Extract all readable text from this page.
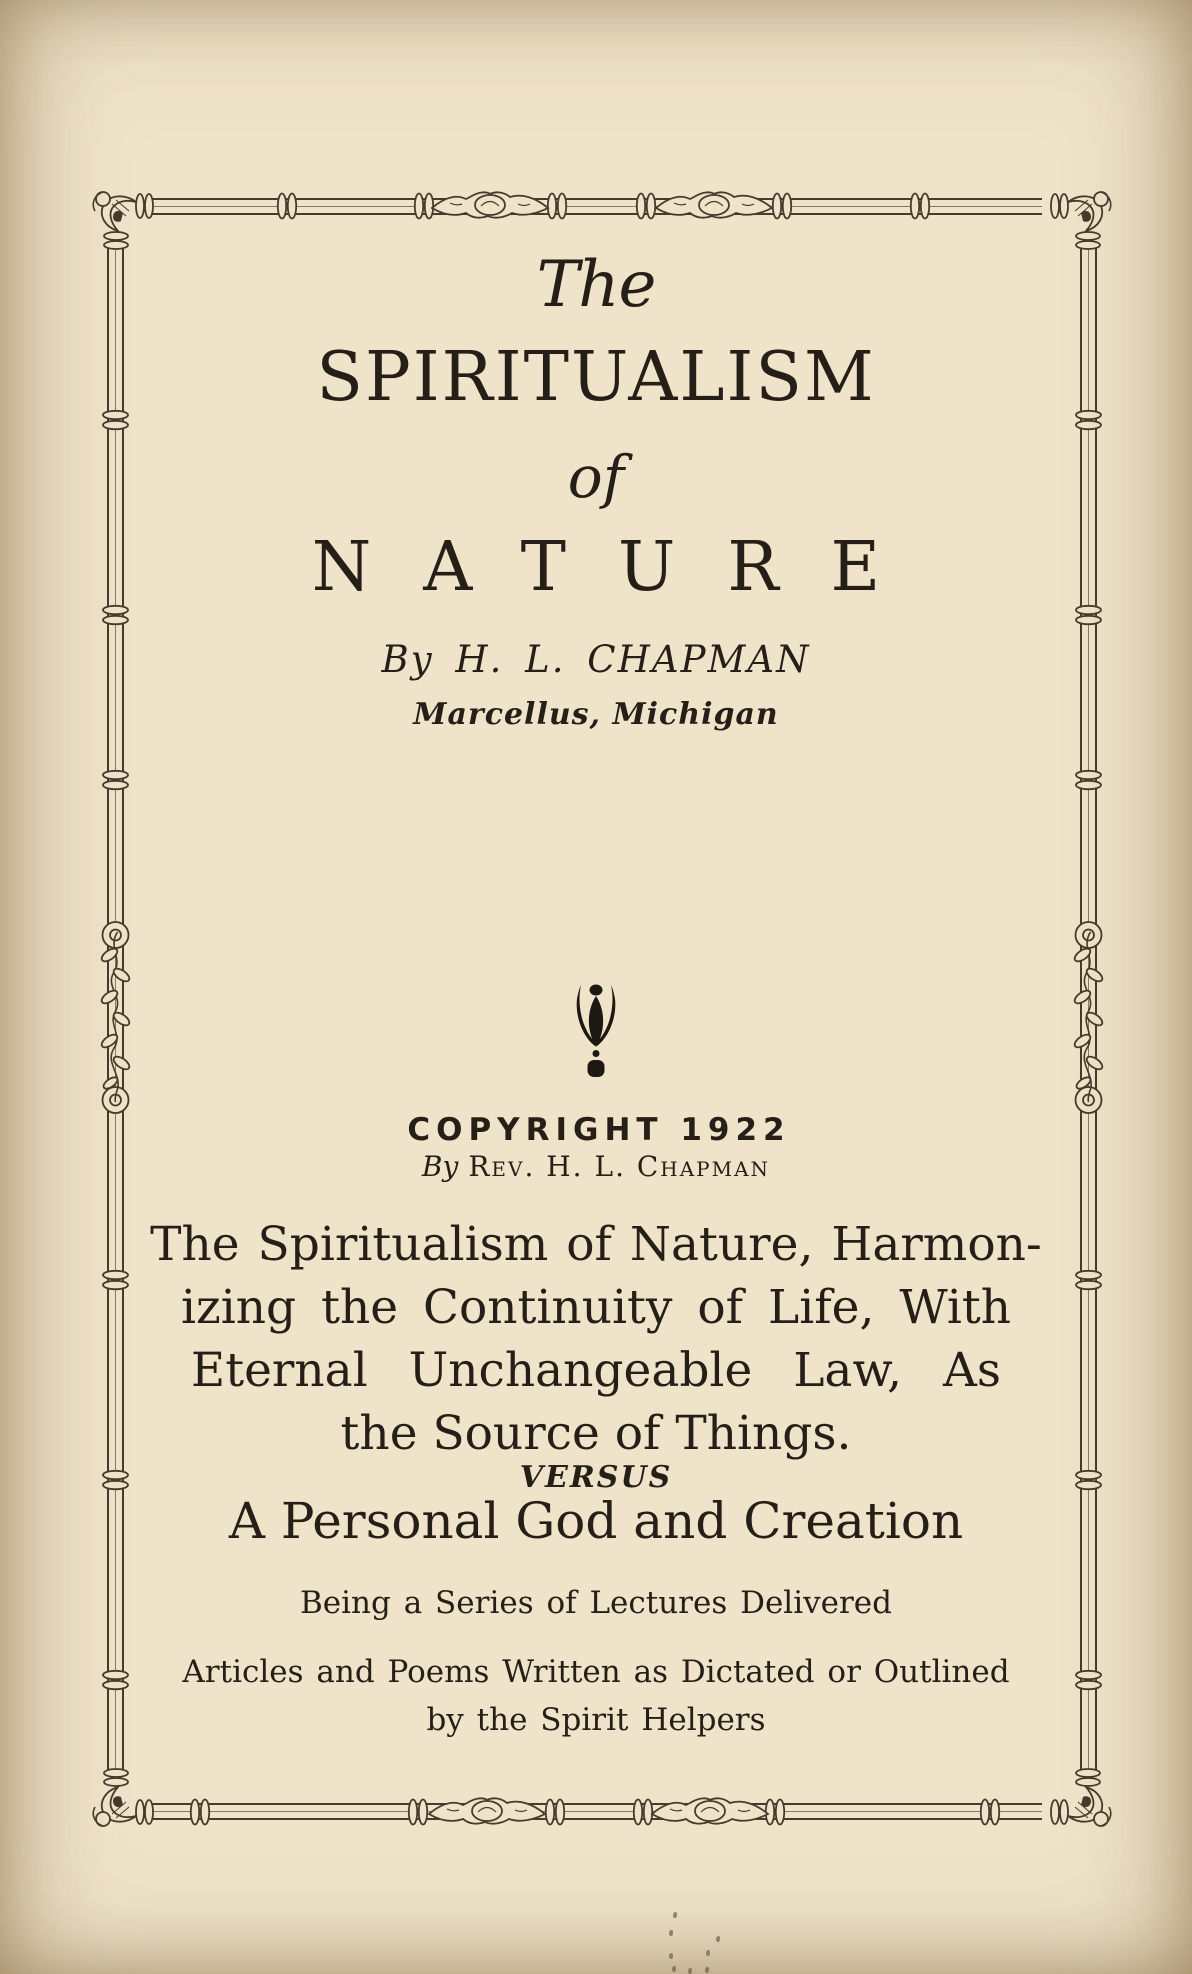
The
SPIRITUALISM
of
NATURE
By H. L. CHAPMAN
Marcellus, Michigan
COPYRIGHT 1922
By Rev. H. L. Chapman
The Spiritualism of Nature, Harmon-
izing the Continuity of Life, With
Eternal Unchangeable Law, As
the Source of Things.
VERSUS
A Personal God and Creation
Being a Series of Lectures Delivered
Articles and Poems Written as Dictated or Outlined
by the Spirit Helpers
